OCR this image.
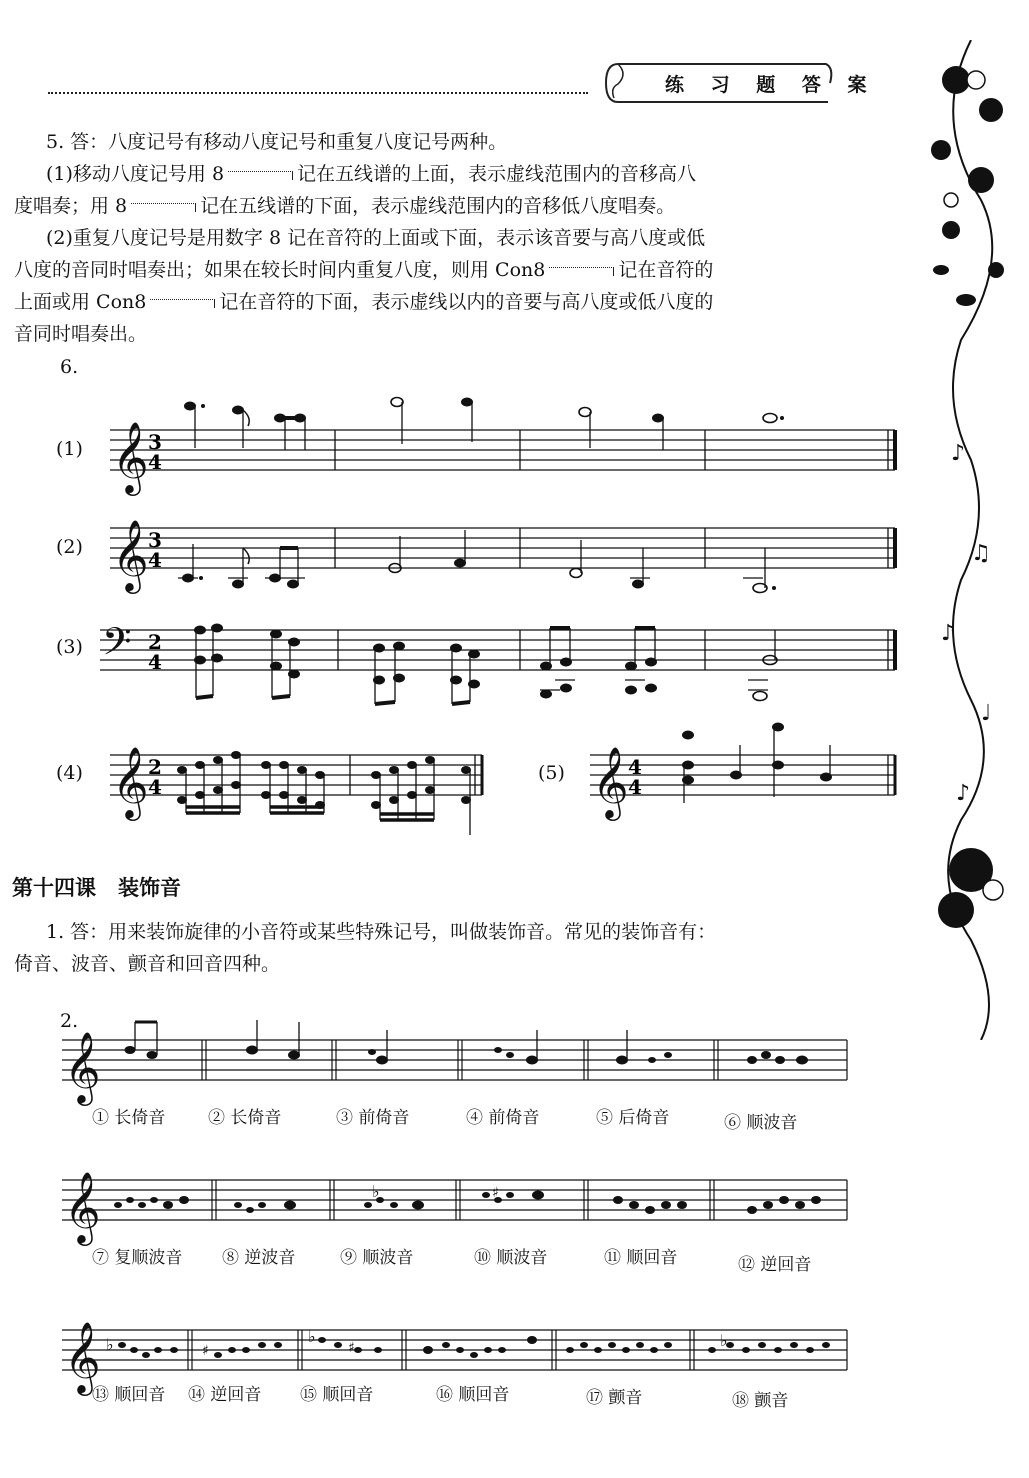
练 习 题 答 案
♪
♫
♪
♩
♪

5. 答：八度记号有移动八度记号和重复八度记号两种。

(1)移动八度记号用 8	记在五线谱的上面，表示虚线范围内的音移高八

度唱奏；用 8	记在五线谱的下面，表示虚线范围内的音移低八度唱奏。

(2)重复八度记号是用数字 8 记在音符的上面或下面，表示该音要与高八度或低

八度的音同时唱奏出；如果在较长时间内重复八度，则用 Con8	记在音符的

上面或用 Con8	记在音符的下面，表示虚线以内的音要与高八度或低八度的

音同时唱奏出。

6.
(1)
(2)
(3)
(4)	(5)
𝄞 3
4
𝄞 3
4
𝄢 2
4
𝄞 2
4	𝄞 4
4
第十四课 装饰音

1. 答：用来装饰旋律的小音符或某些特殊记号，叫做装饰音。常见的装饰音有：

倚音、波音、颤音和回音四种。

2.
𝄞
① 长倚音	② 长倚音	③ 前倚音	④ 前倚音	⑤ 后倚音	⑥ 顺波音
♭	♯
𝄞
⑦ 复顺波音 ⑧ 逆波音	⑨ 顺波音	⑩ 顺波音	⑪ 顺回音	⑫ 逆回音
♭	♯
♭
♯	♭
𝄞
⑬ 顺回音 ⑭ 逆回音 ⑮ 顺回音	⑯ 顺回音	⑰ 颤音	⑱ 颤音
